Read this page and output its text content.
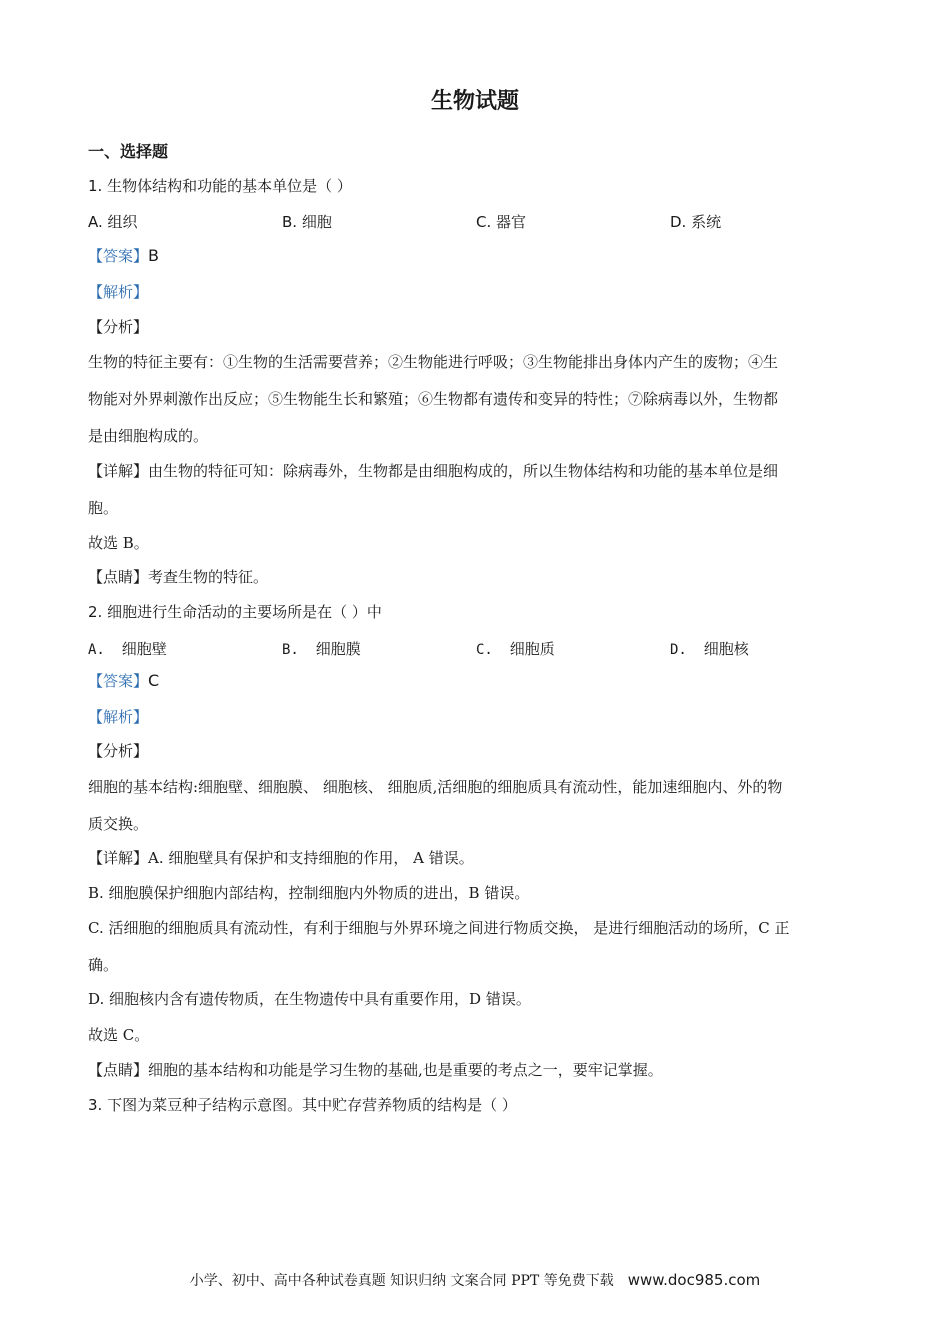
生物试题
一、选择题
1. 生物体结构和功能的基本单位是（ ）
A. 组织	B. 细胞	C. 器官	D. 系统
【答案】B
【解析】
【分析】
生物的特征主要有：①生物的生活需要营养；②生物能进行呼吸；③生物能排出身体内产生的废物；④生
物能对外界刺激作出反应；⑤生物能生长和繁殖；⑥生物都有遗传和变异的特性；⑦除病毒以外，生物都
是由细胞构成的。
【详解】由生物的特征可知：除病毒外，生物都是由细胞构成的，所以生物体结构和功能的基本单位是细
胞。
故选 B。
【点睛】考查生物的特征。
2. 细胞进行生命活动的主要场所是在（ ）中
A. 细胞壁	B. 细胞膜	C. 细胞质	D. 细胞核
【答案】C
【解析】
【分析】
细胞的基本结构:细胞壁、细胞膜、 细胞核、 细胞质,活细胞的细胞质具有流动性，能加速细胞内、外的物
质交换。
【详解】A. 细胞壁具有保护和支持细胞的作用， A 错误。
B. 细胞膜保护细胞内部结构，控制细胞内外物质的进出，B 错误。
C. 活细胞的细胞质具有流动性，有利于细胞与外界环境之间进行物质交换， 是进行细胞活动的场所，C 正
确。
D. 细胞核内含有遗传物质，在生物遗传中具有重要作用，D 错误。
故选 C。
【点睛】细胞的基本结构和功能是学习生物的基础,也是重要的考点之一，要牢记掌握。
3. 下图为菜豆种子结构示意图。其中贮存营养物质的结构是（ ）
小学、初中、高中各种试卷真题 知识归纳 文案合同 PPT 等免费下载 www.doc985.com
